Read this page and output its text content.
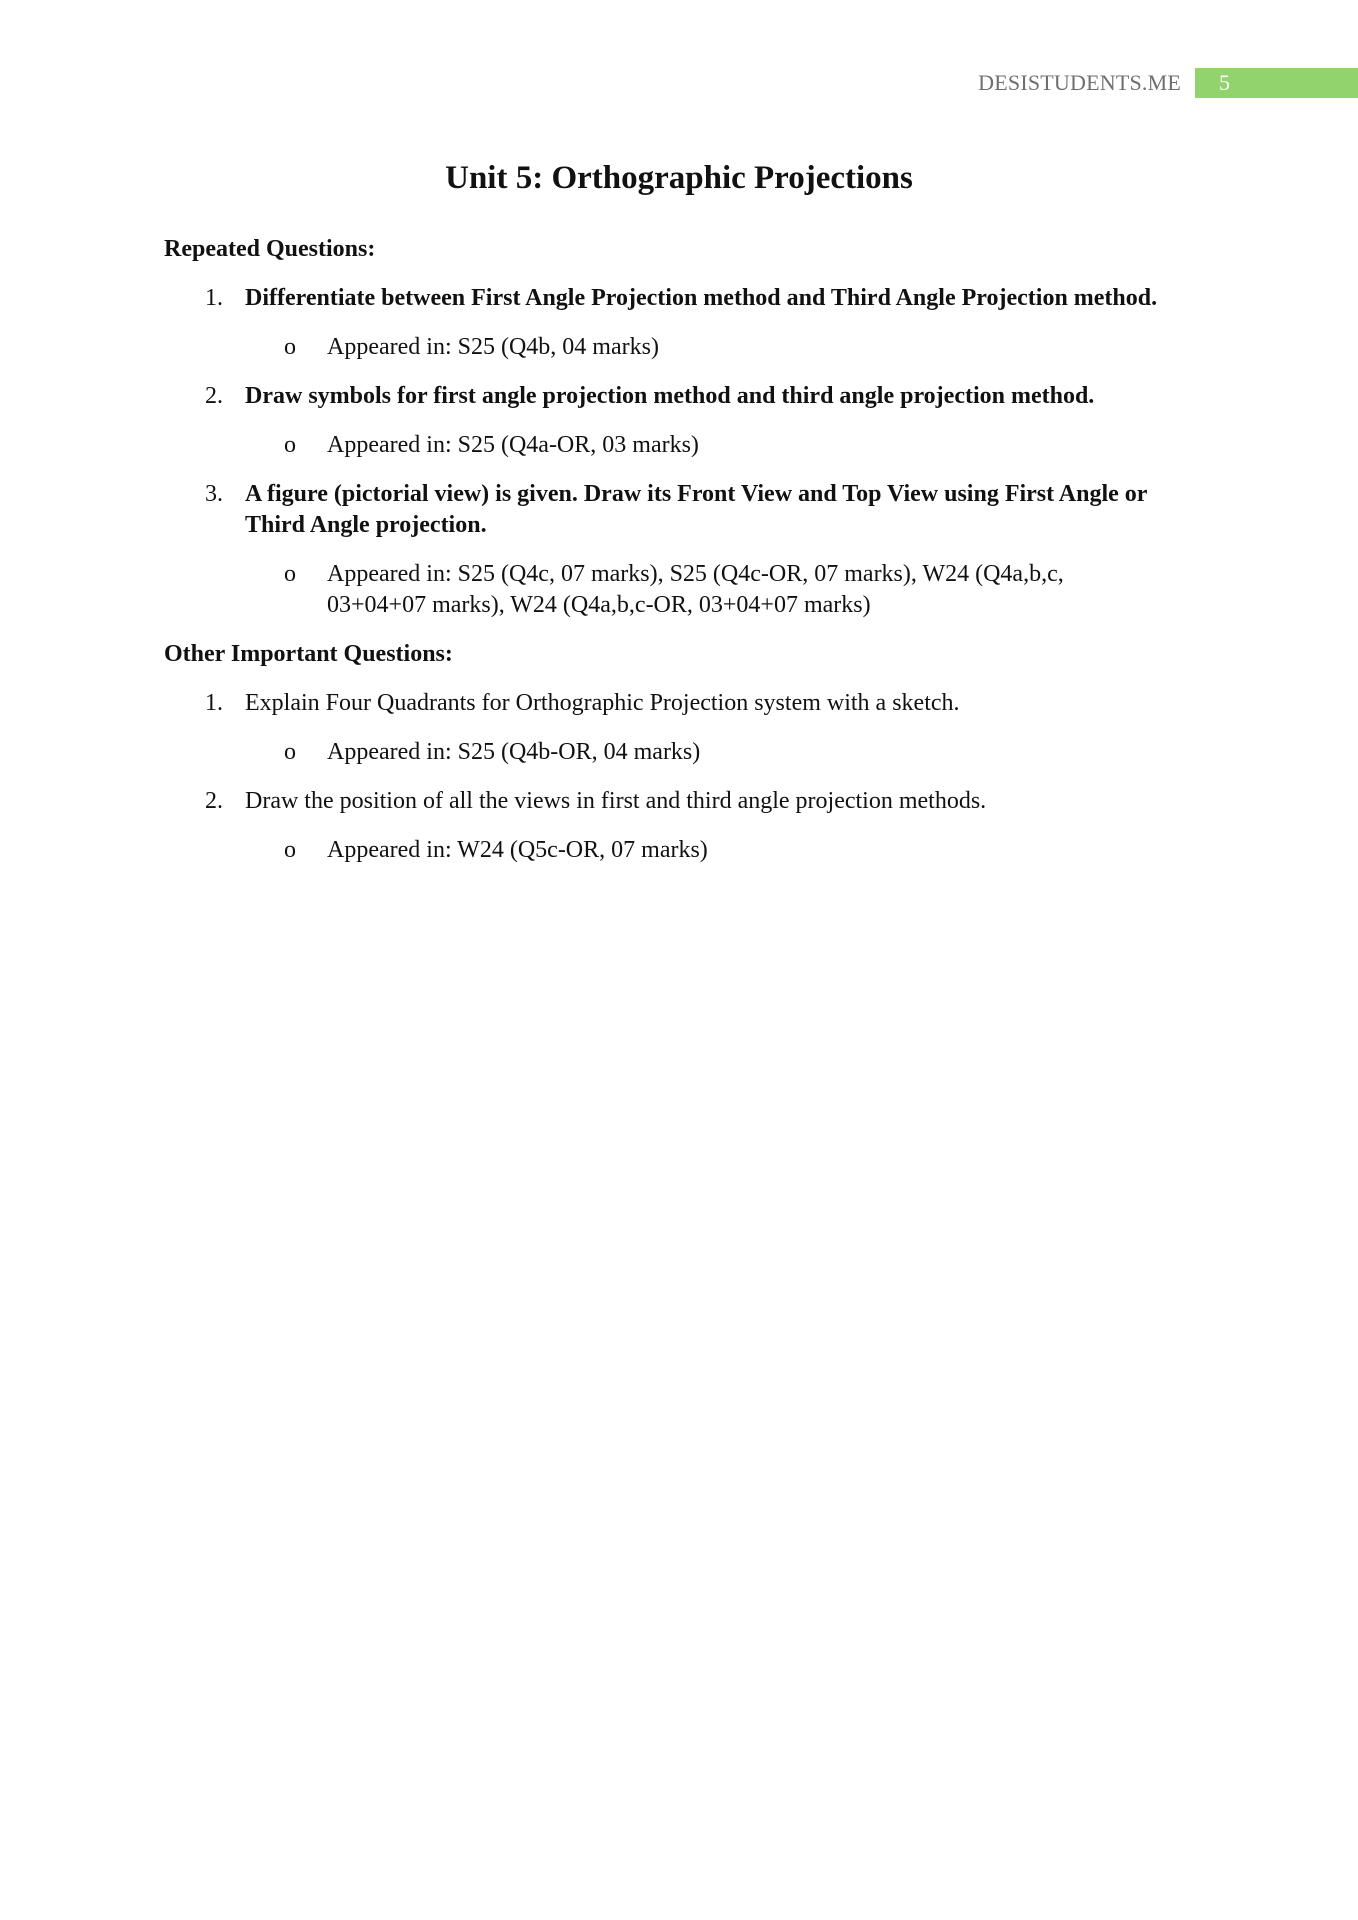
DESISTUDENTS.ME	5
Unit 5: Orthographic Projections
Repeated Questions:
1. Differentiate between First Angle Projection method and Third Angle Projection method.
o	Appeared in: S25 (Q4b, 04 marks)
2. Draw symbols for first angle projection method and third angle projection method.
o	Appeared in: S25 (Q4a-OR, 03 marks)
3. A figure (pictorial view) is given. Draw its Front View and Top View using First Angle or Third Angle projection.
o	Appeared in: S25 (Q4c, 07 marks), S25 (Q4c-OR, 07 marks), W24 (Q4a,b,c, 03+04+07 marks), W24 (Q4a,b,c-OR, 03+04+07 marks)
Other Important Questions:
1. Explain Four Quadrants for Orthographic Projection system with a sketch.
o	Appeared in: S25 (Q4b-OR, 04 marks)
2. Draw the position of all the views in first and third angle projection methods.
o	Appeared in: W24 (Q5c-OR, 07 marks)
